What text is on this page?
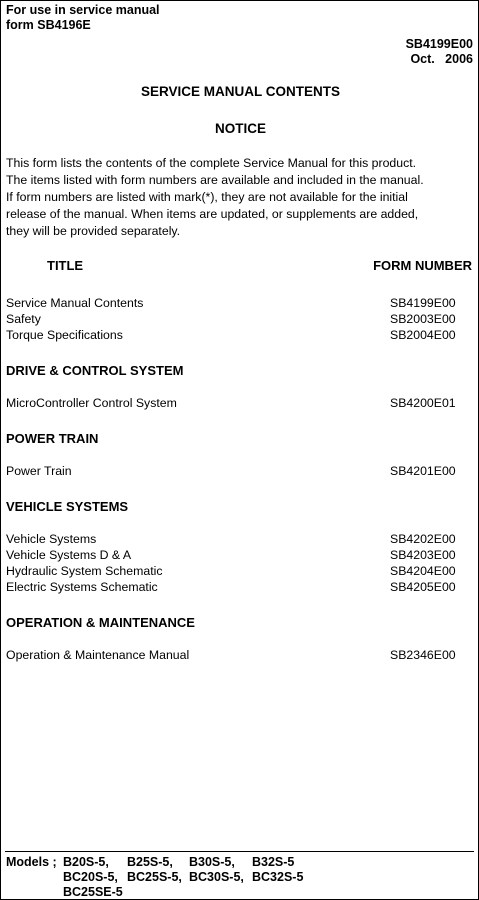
For use in service manual
form SB4196E
SB4199E00
Oct.   2006
SERVICE MANUAL CONTENTS
NOTICE
This form lists the contents of the complete Service Manual for this product.
The items listed with form numbers are available and included in the manual.
If form numbers are listed with mark(*), they are not available for the initial
release of the manual. When items are updated, or supplements are added,
they will be provided separately.
TITLE	FORM NUMBER
Service Manual Contents	SB4199E00
Safety	SB2003E00
Torque Specifications	SB2004E00
DRIVE & CONTROL SYSTEM
MicroController Control System	SB4200E01
POWER TRAIN
Power Train	SB4201E00
VEHICLE SYSTEMS
Vehicle Systems	SB4202E00
Vehicle Systems D & A	SB4203E00
Hydraulic System Schematic	SB4204E00
Electric Systems Schematic	SB4205E00
OPERATION & MAINTENANCE
Operation & Maintenance Manual	SB2346E00
Models ; B20S-5, B25S-5, B30S-5, B32S-5
BC20S-5, BC25S-5, BC30S-5, BC32S-5
BC25SE-5
